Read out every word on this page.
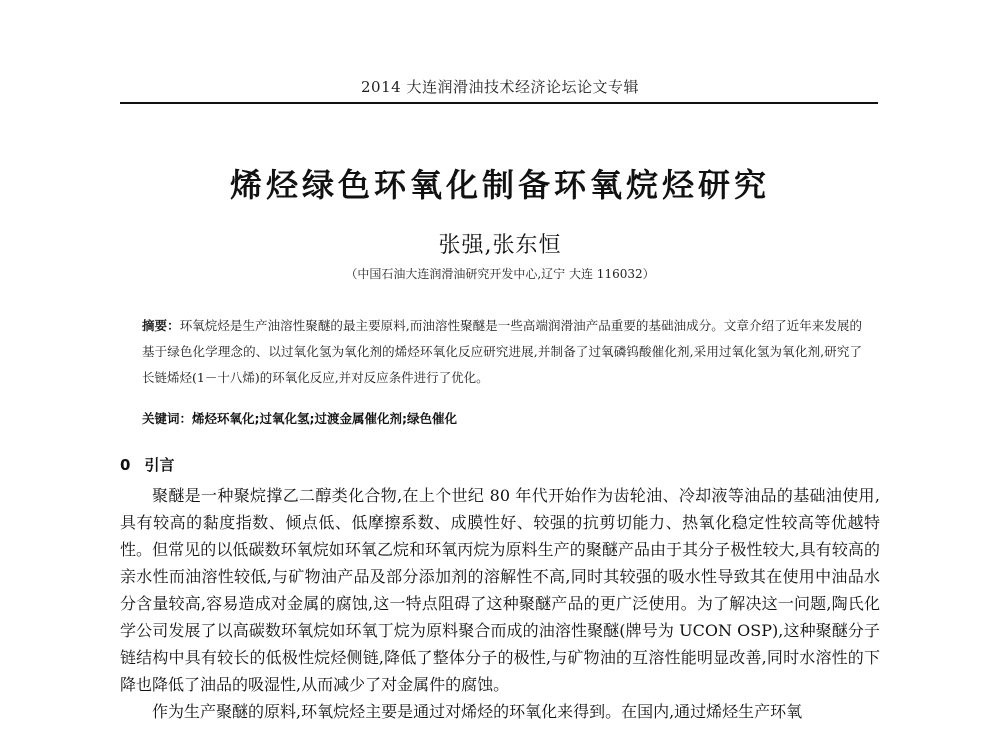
2014 大连润滑油技术经济论坛论文专辑
烯烃绿色环氧化制备环氧烷烃研究
张强,张东恒
（中国石油大连润滑油研究开发中心,辽宁 大连 116032）
摘要：环氧烷烃是生产油溶性聚醚的最主要原料,而油溶性聚醚是一些高端润滑油产品重要的基础油成分。文章介绍了近年来发展的基于绿色化学理念的、以过氧化氢为氧化剂的烯烃环氧化反应研究进展,并制备了过氧磷钨酸催化剂,采用过氧化氢为氧化剂,研究了长链烯烃(1－十八烯)的环氧化反应,并对反应条件进行了优化。
关键词：烯烃环氧化;过氧化氢;过渡金属催化剂;绿色催化
0 引言

聚醚是一种聚烷撑乙二醇类化合物,在上个世纪 80 年代开始作为齿轮油、冷却液等油品的基础油使用,具有较高的黏度指数、倾点低、低摩擦系数、成膜性好、较强的抗剪切能力、热氧化稳定性较高等优越特性。但常见的以低碳数环氧烷如环氧乙烷和环氧丙烷为原料生产的聚醚产品由于其分子极性较大,具有较高的亲水性而油溶性较低,与矿物油产品及部分添加剂的溶解性不高,同时其较强的吸水性导致其在使用中油品水分含量较高,容易造成对金属的腐蚀,这一特点阻碍了这种聚醚产品的更广泛使用。为了解决这一问题,陶氏化学公司发展了以高碳数环氧烷如环氧丁烷为原料聚合而成的油溶性聚醚(牌号为 UCON OSP),这种聚醚分子链结构中具有较长的低极性烷烃侧链,降低了整体分子的极性,与矿物油的互溶性能明显改善,同时水溶性的下降也降低了油品的吸湿性,从而减少了对金属件的腐蚀。

作为生产聚醚的原料,环氧烷烃主要是通过对烯烃的环氧化来得到。在国内,通过烯烃生产环氧
